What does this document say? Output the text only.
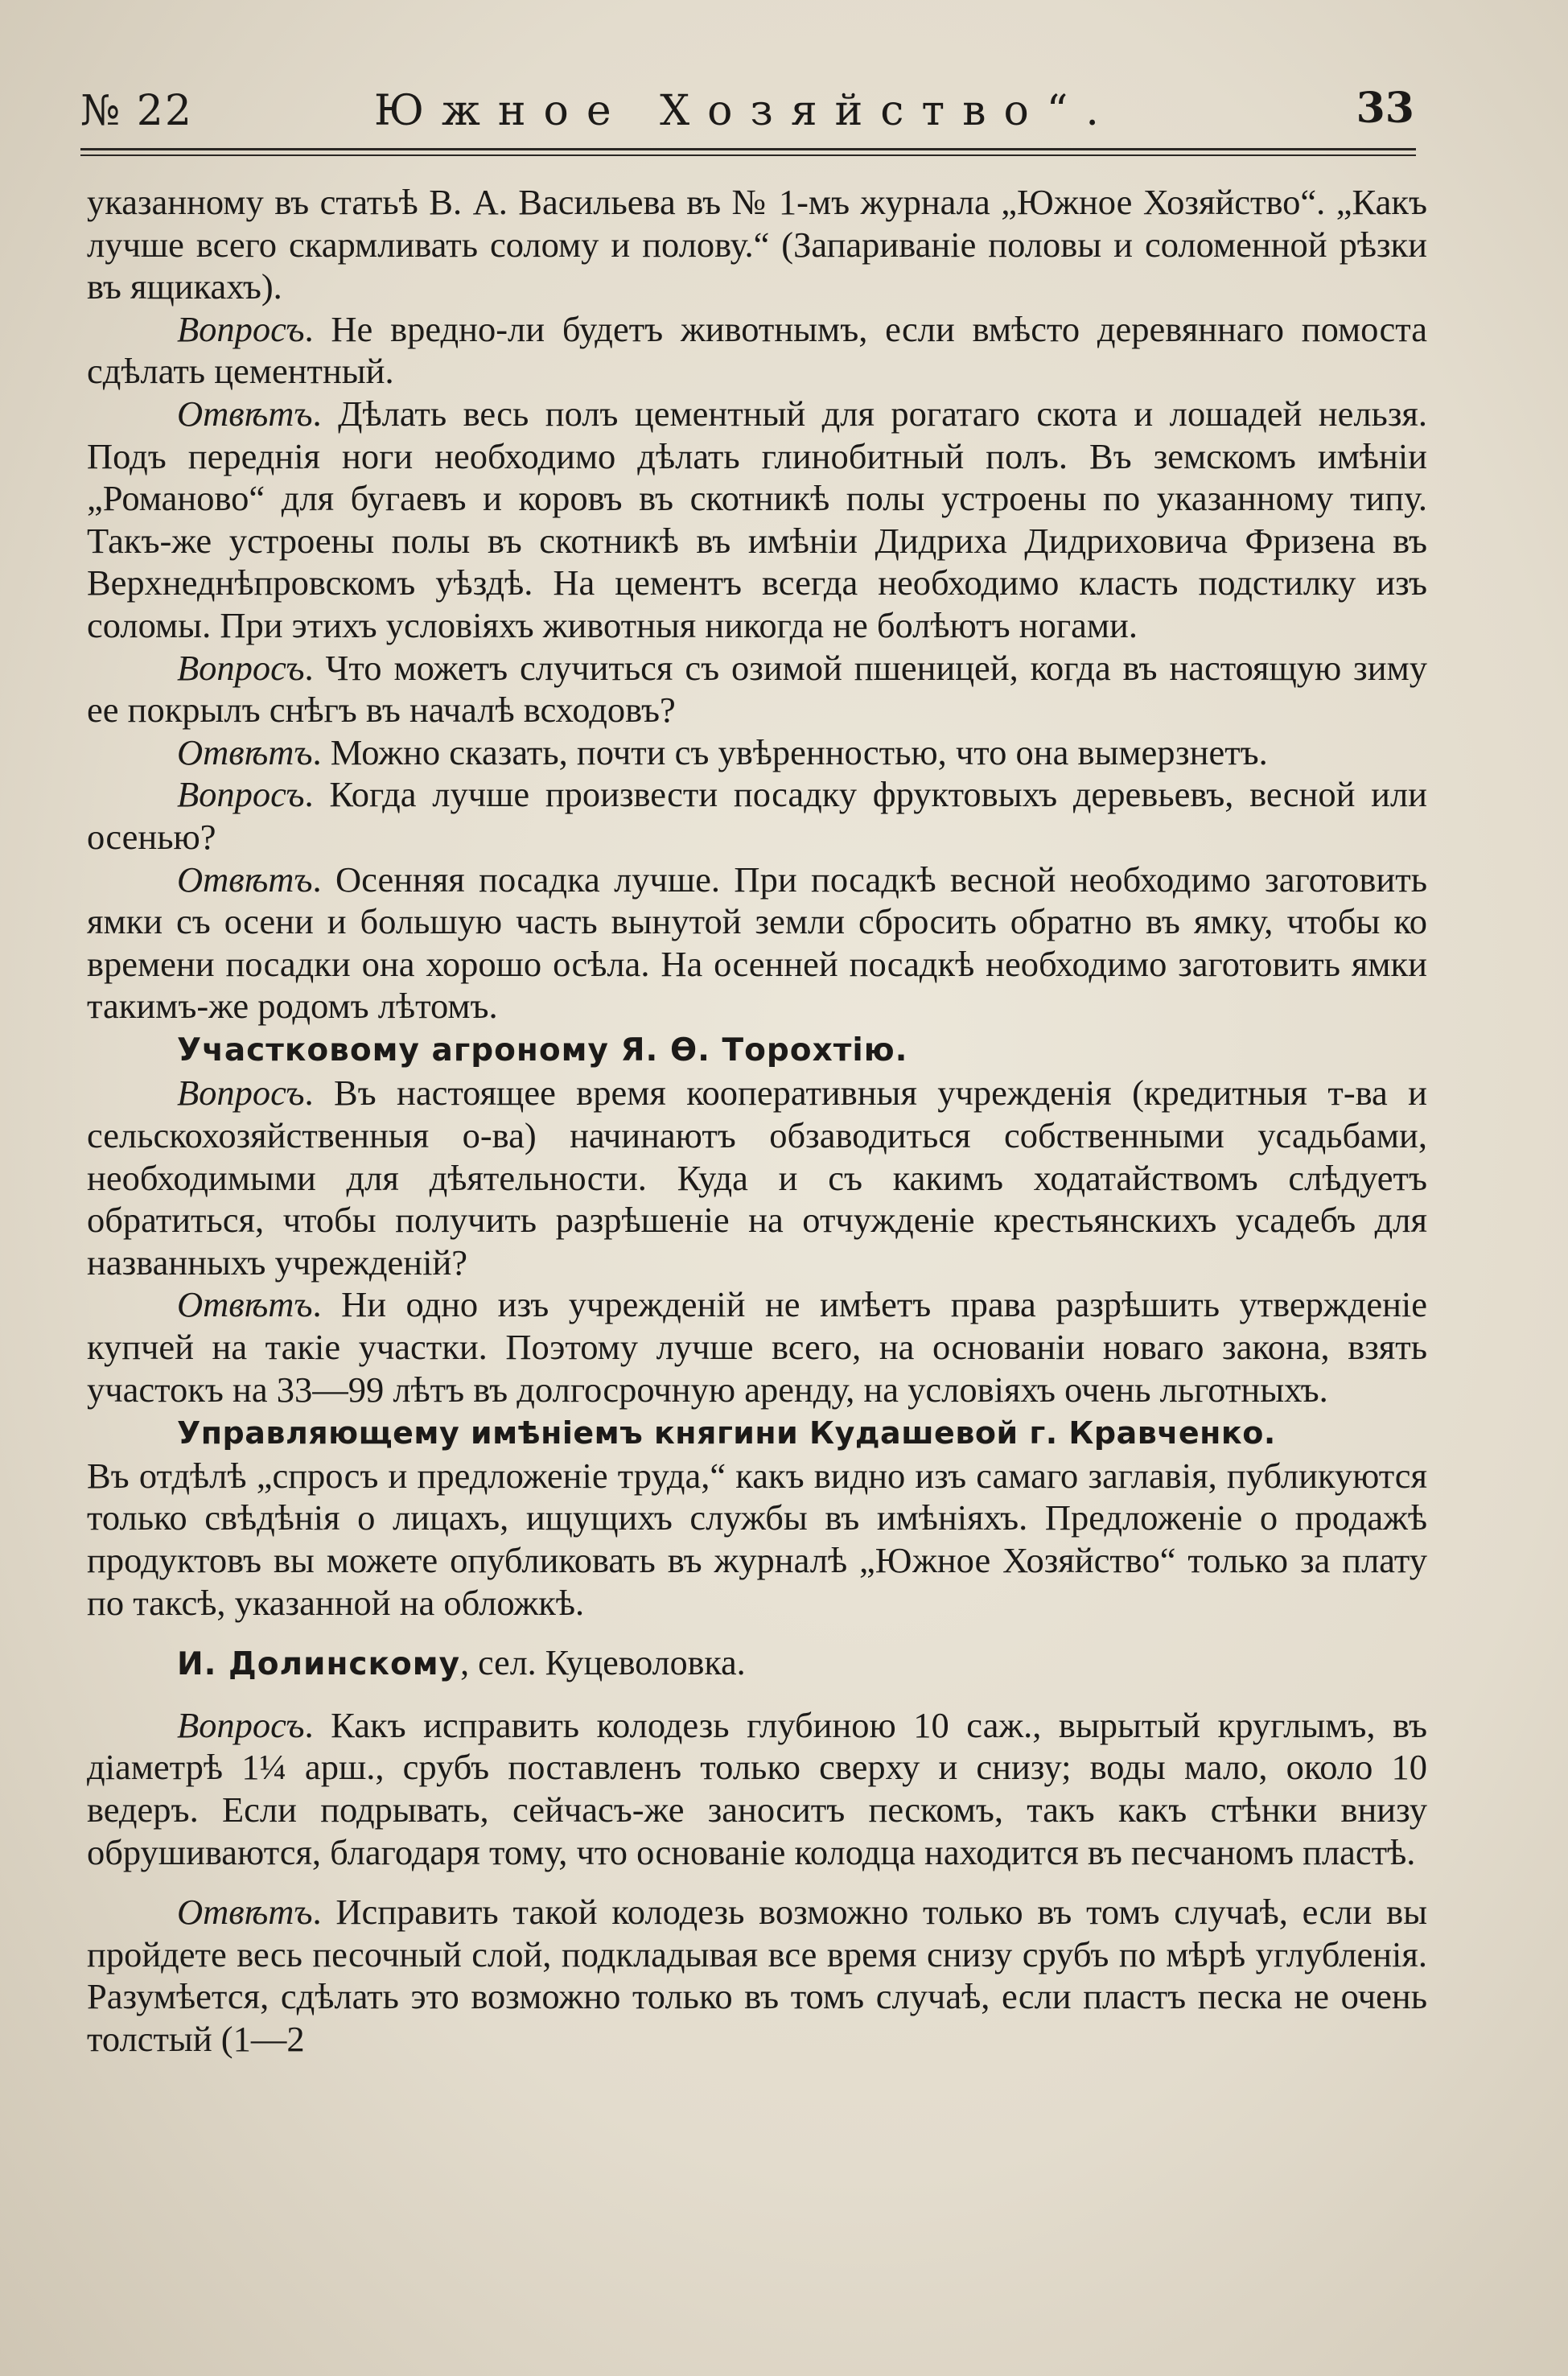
№ 22	Южное Хозяйство“.	33

указанному въ статьѣ В. А. Васильева въ № 1-мъ журнала „Южное Хозяйство“. „Какъ лучше всего скармливать солому и полову.“ (Запариванiе половы и соломенной рѣзки въ ящикахъ).

Вопросъ. Не вредно-ли будетъ животнымъ, если вмѣсто деревяннаго помоста сдѣлать цементный.

Отвѣтъ. Дѣлать весь полъ цементный для рогатаго скота и лошадей нельзя. Подъ переднiя ноги необходимо дѣлать глинобитный полъ. Въ земскомъ имѣнiи „Романово“ для бугаевъ и коровъ въ скотникѣ полы устроены по указанному типу. Такъ-же устроены полы въ скотникѣ въ имѣнiи Дидриха Дидриховича Фризена въ Верхнеднѣпровскомъ уѣздѣ. На цементъ всегда необходимо класть подстилку изъ соломы. При этихъ условiяхъ животныя никогда не болѣютъ ногами.

Вопросъ. Что можетъ случиться съ озимой пшеницей, когда въ настоящую зиму ее покрылъ снѣгъ въ началѣ всходовъ?

Отвѣтъ. Можно сказать, почти съ увѣренностью, что она вымерзнетъ.

Вопросъ. Когда лучше произвести посадку фруктовыхъ деревьевъ, весной или осенью?

Отвѣтъ. Осенняя посадка лучше. При посадкѣ весной необходимо заготовить ямки съ осени и большую часть вынутой земли сбросить обратно въ ямку, чтобы ко времени посадки она хорошо осѣла. На осенней посадкѣ необходимо заготовить ямки такимъ-же родомъ лѣтомъ.

Участковому агроному Я. Ѳ. Торохтiю.

Вопросъ. Въ настоящее время кооперативныя учрежденiя (кредитныя т-ва и сельскохозяйственныя о-ва) начинаютъ обзаводиться собственными усадьбами, необходимыми для дѣятельности. Куда и съ какимъ ходатайствомъ слѣдуетъ обратиться, чтобы получить разрѣшенiе на отчужденiе крестьянскихъ усадебъ для названныхъ учрежденiй?

Отвѣтъ. Ни одно изъ учрежденiй не имѣетъ права разрѣшить утвержденiе купчей на такiе участки. Поэтому лучше всего, на основанiи новаго закона, взять участокъ на 33—99 лѣтъ въ долгосрочную аренду, на условiяхъ очень льготныхъ.

Управляющему имѣнiемъ княгини Кудашевой г. Кравченко.

Въ отдѣлѣ „спросъ и предложенiе труда,“ какъ видно изъ самаго заглавiя, публикуются только свѣдѣнiя о лицахъ, ищущихъ службы въ имѣнiяхъ. Предложенiе о продажѣ продуктовъ вы можете опубликовать въ журналѣ „Южное Хозяйство“ только за плату по таксѣ, указанной на обложкѣ.

И. Долинскому, сел. Куцеволовка.

Вопросъ. Какъ исправить колодезь глубиною 10 саж., вырытый круглымъ, въ дiаметрѣ 1¼ арш., срубъ поставленъ только сверху и снизу; воды мало, около 10 ведеръ. Если подрывать, сейчасъ-же заноситъ пескомъ, такъ какъ стѣнки внизу обрушиваются, благодаря тому, что основанiе колодца находится въ песчаномъ пластѣ.

Отвѣтъ. Исправить такой колодезь возможно только въ томъ случаѣ, если вы пройдете весь песочный слой, подкладывая все время снизу срубъ по мѣрѣ углубленiя. Разумѣется, сдѣлать это возможно только въ томъ случаѣ, если пластъ песка не очень толстый (1—2
